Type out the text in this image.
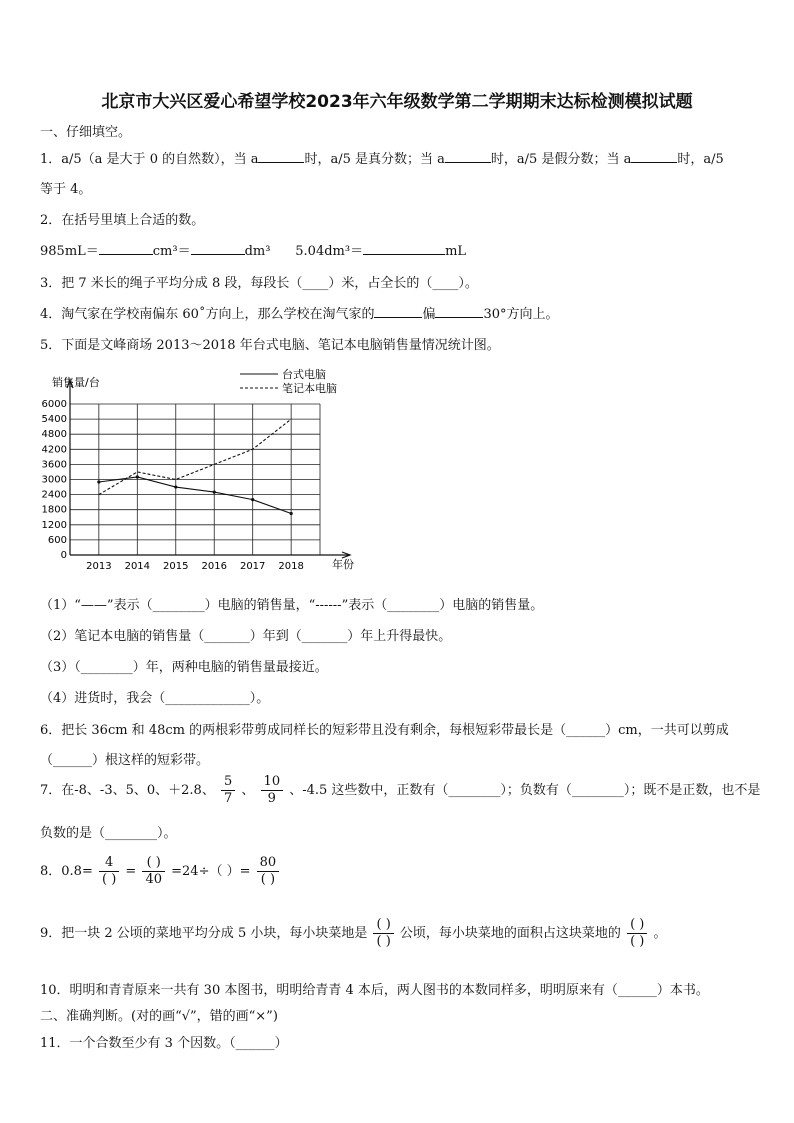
北京市大兴区爱心希望学校2023年六年级数学第二学期期末达标检测模拟试题
一、仔细填空。
1．a/5（a 是大于 0 的自然数），当 a	时，a/5 是真分数；当 a	时，a/5 是假分数；当 a	时，a/5
等于 4。
2．在括号里填上合适的数。
985mL＝	cm³＝	dm³ 5.04dm³＝	mL
3．把 7 米长的绳子平均分成 8 段，每段长（____）米，占全长的（____）。
4．淘气家在学校南偏东 60˚方向上，那么学校在淘气家的	偏	30°方向上。
5．下面是文峰商场 2013～2018 年台式电脑、笔记本电脑销售量情况统计图。
销售量/台
年份
0
600
1200
1800
2400
3000
3600
4200
4800
5400
6000
2013 2014 2015 2016 2017 2018
台式电脑
笔记本电脑
（1）“——”表示（________）电脑的销售量，“------”表示（________）电脑的销售量。
（2）笔记本电脑的销售量（_______）年到（_______）年上升得最快。
（3）（________）年，两种电脑的销售量最接近。
（4）进货时，我会（_____________）。
6．把长 36cm 和 48cm 的两根彩带剪成同样长的短彩带且没有剩余，每根短彩带最长是（______）cm，一共可以剪成
（______）根这样的短彩带。
7．在-8、-3、5、0、＋2.8、 $\frac{5}{7}$ 、 $\frac{10}{9}$ 、-4.5 这些数中，正数有（________）；负数有（________）；既不是正数，也不是
负数的是（________）。
8．$0.8= \frac{4}{( )} = \frac{( )}{40} =24\div$（ ）= $\frac{80}{( )}$
9．把一块 2 公顷的菜地平均分成 5 小块，每小块菜地是 $\frac{( )}{( )}$ 公顷，每小块菜地的面积占这块菜地的 $\frac{( )}{( )}$ 。
10．明明和青青原来一共有 30 本图书，明明给青青 4 本后，两人图书的本数同样多，明明原来有（______）本书。
二、准确判断。(对的画“√”，错的画“×”)
11．一个合数至少有 3 个因数。（______）
